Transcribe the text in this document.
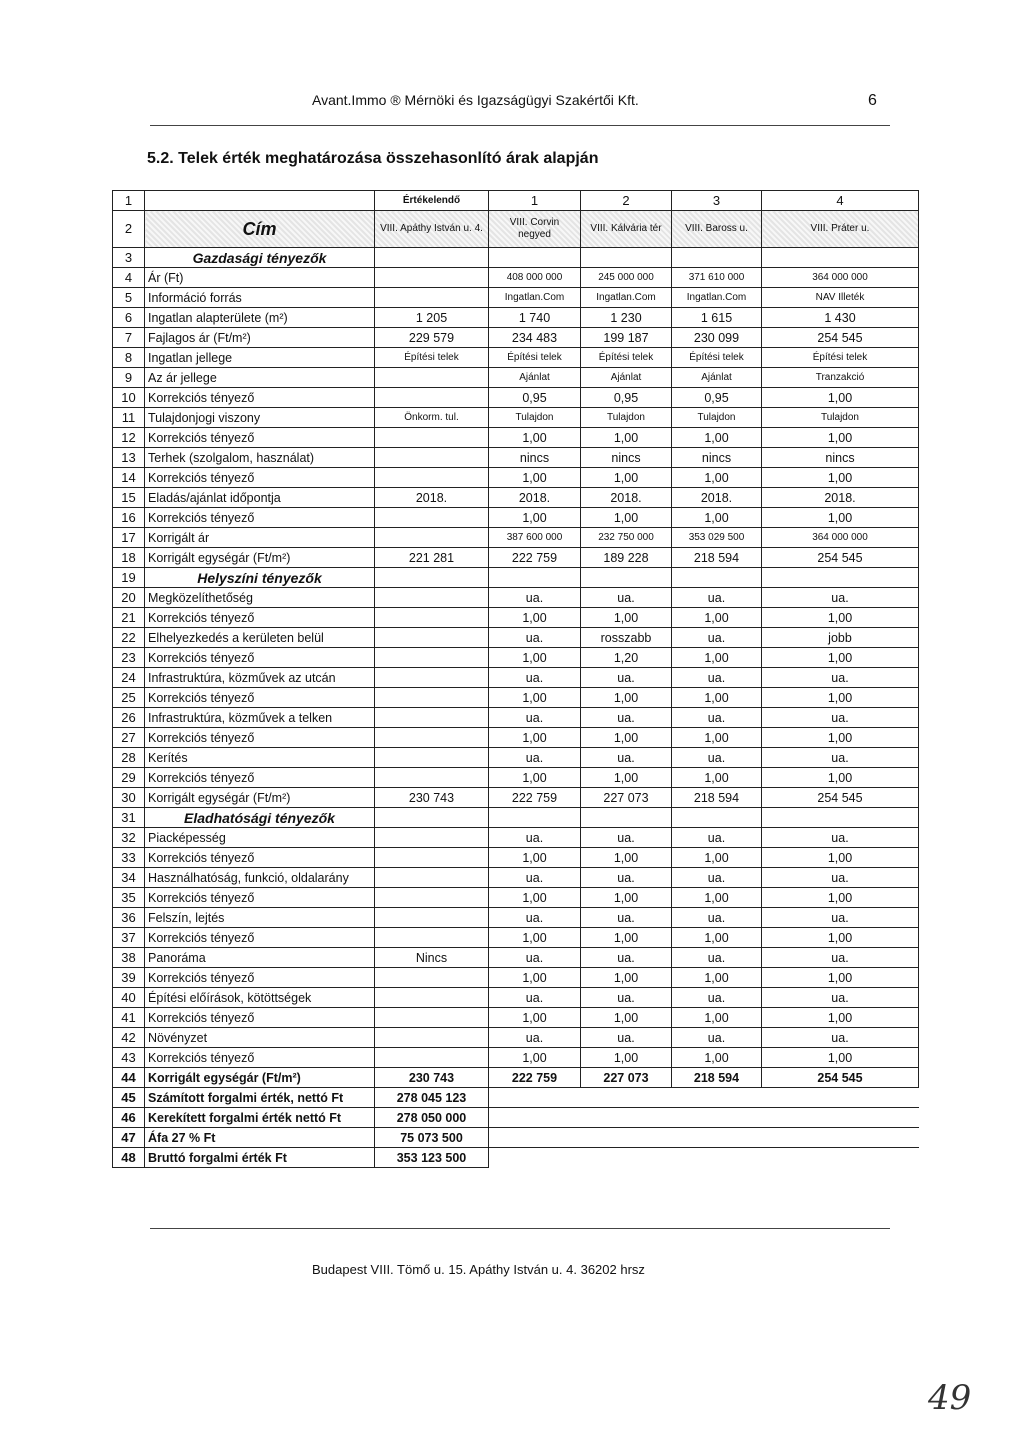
Avant.Immo ® Mérnöki és Igazságügyi Szakértői Kft.	6
5.2. Telek érték meghatározása összehasonlító árak alapján
1		Értékelendő	1	2	3	4
2	Cím	VIII. Apáthy István u. 4.	VIII. Corvin negyed	VIII. Kálvária tér	VIII. Baross u.	VIII. Práter u.
3	Gazdasági tényezők					
4	Ár (Ft)		408 000 000	245 000 000	371 610 000	364 000 000
5	Információ forrás		Ingatlan.Com	Ingatlan.Com	Ingatlan.Com	NAV Illeték
6	Ingatlan alapterülete (m²)	1 205	1 740	1 230	1 615	1 430
7	Fajlagos ár (Ft/m²)	229 579	234 483	199 187	230 099	254 545
8	Ingatlan jellege	Építési telek	Építési telek	Építési telek	Építési telek	Építési telek
9	Az ár jellege		Ajánlat	Ajánlat	Ajánlat	Tranzakció
10	Korrekciós tényező		0,95	0,95	0,95	1,00
11	Tulajdonjogi viszony	Önkorm. tul.	Tulajdon	Tulajdon	Tulajdon	Tulajdon
12	Korrekciós tényező		1,00	1,00	1,00	1,00
13	Terhek (szolgalom, használat)		nincs	nincs	nincs	nincs
14	Korrekciós tényező		1,00	1,00	1,00	1,00
15	Eladás/ajánlat időpontja	2018.	2018.	2018.	2018.	2018.
16	Korrekciós tényező		1,00	1,00	1,00	1,00
17	Korrigált ár		387 600 000	232 750 000	353 029 500	364 000 000
18	Korrigált egységár (Ft/m²)	221 281	222 759	189 228	218 594	254 545
19	Helyszíni tényezők					
20	Megközelíthetőség		ua.	ua.	ua.	ua.
21	Korrekciós tényező		1,00	1,00	1,00	1,00
22	Elhelyezkedés a kerületen belül		ua.	rosszabb	ua.	jobb
23	Korrekciós tényező		1,00	1,20	1,00	1,00
24	Infrastruktúra, közművek az utcán		ua.	ua.	ua.	ua.
25	Korrekciós tényező		1,00	1,00	1,00	1,00
26	Infrastruktúra, közművek a telken		ua.	ua.	ua.	ua.
27	Korrekciós tényező		1,00	1,00	1,00	1,00
28	Kerítés		ua.	ua.	ua.	ua.
29	Korrekciós tényező		1,00	1,00	1,00	1,00
30	Korrigált egységár (Ft/m²)	230 743	222 759	227 073	218 594	254 545
31	Eladhatósági tényezők					
32	Piacképesség		ua.	ua.	ua.	ua.
33	Korrekciós tényező		1,00	1,00	1,00	1,00
34	Használhatóság, funkció, oldalarány		ua.	ua.	ua.	ua.
35	Korrekciós tényező		1,00	1,00	1,00	1,00
36	Felszín, lejtés		ua.	ua.	ua.	ua.
37	Korrekciós tényező		1,00	1,00	1,00	1,00
38	Panoráma	Nincs	ua.	ua.	ua.	ua.
39	Korrekciós tényező		1,00	1,00	1,00	1,00
40	Építési előírások, kötöttségek		ua.	ua.	ua.	ua.
41	Korrekciós tényező		1,00	1,00	1,00	1,00
42	Növényzet		ua.	ua.	ua.	ua.
43	Korrekciós tényező		1,00	1,00	1,00	1,00
44	Korrigált egységár (Ft/m²)	230 743	222 759	227 073	218 594	254 545
45	Számított forgalmi érték, nettó Ft	278 045 123				
46	Kerekített forgalmi érték nettó Ft	278 050 000				
47	Áfa 27 % Ft	75 073 500				
48	Bruttó forgalmi érték Ft	353 123 500				
Budapest VIII. Tömő u. 15. Apáthy István u. 4. 36202 hrsz
49
